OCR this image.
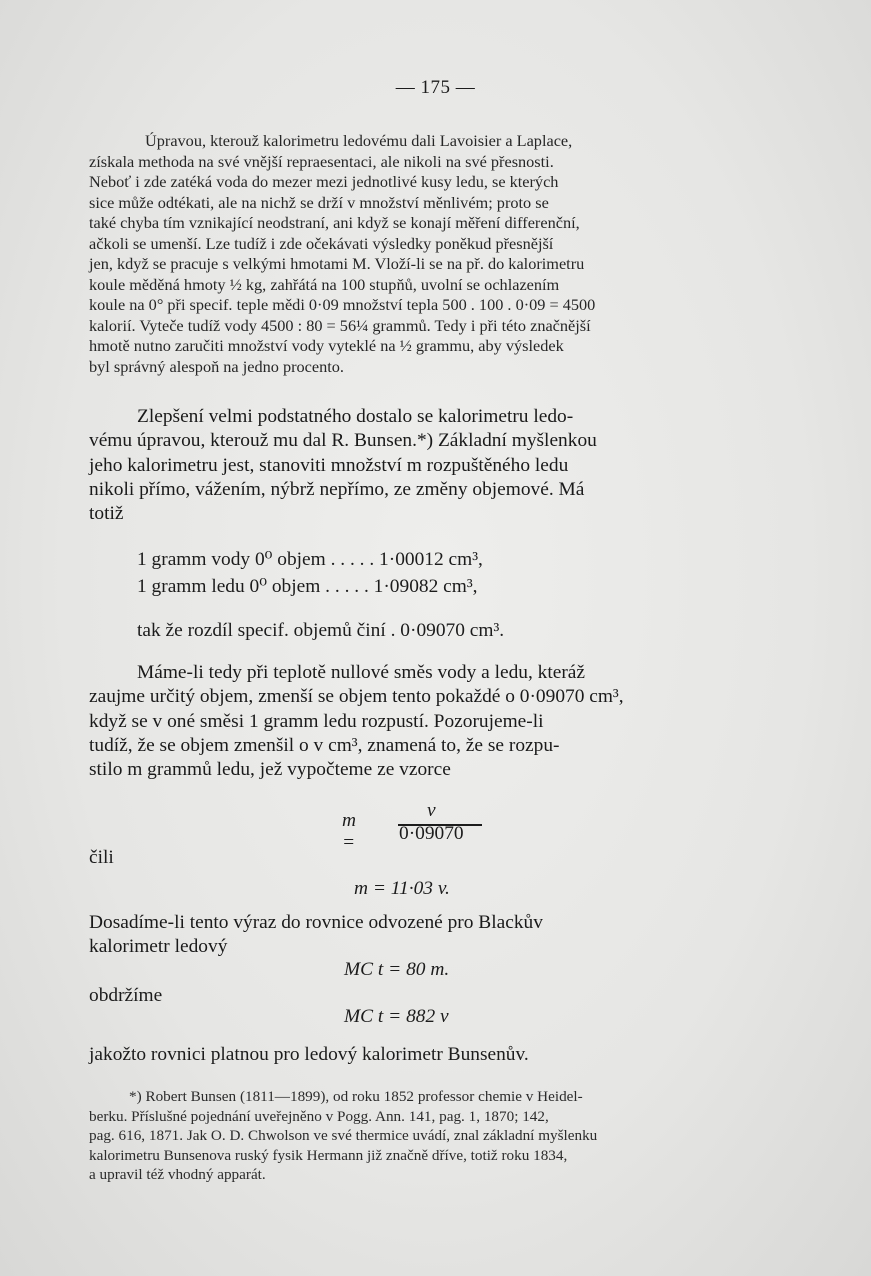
— 175 —
Úpravou, kterouž kalorimetru ledovému dali Lavoisier a Laplace,
získala methoda na své vnější repraesentaci, ale nikoli na své přesnosti.
Neboť i zde zatéká voda do mezer mezi jednotlivé kusy ledu, se kterých
sice může odtékati, ale na nichž se drží v množství měnlivém; proto se
také chyba tím vznikající neodstraní, ani když se konají měření differenční,
ačkoli se umenší. Lze tudíž i zde očekávati výsledky poněkud přesnější
jen, když se pracuje s velkými hmotami M. Vloží-li se na př. do kalorimetru
koule měděná hmoty ½ kg, zahřátá na 100 stupňů, uvolní se ochlazením
koule na 0° při specif. teple mědi 0·09 množství tepla 500 . 100 . 0·09 = 4500
kalorií. Vyteče tudíž vody 4500 : 80 = 56¼ grammů. Tedy i při této značnější
hmotě nutno zaručiti množství vody vyteklé na ½ grammu, aby výsledek
byl správný alespoň na jedno procento.
Zlepšení velmi podstatného dostalo se kalorimetru ledo-
vému úpravou, kterouž mu dal R. Bunsen.*) Základní myšlenkou
jeho kalorimetru jest, stanoviti množství m rozpuštěného ledu
nikoli přímo, vážením, nýbrž nepřímo, ze změny objemové. Má
totiž
1 gramm vody 0⁰ objem . . . . . 1·00012 cm³,
1 gramm ledu 0⁰ objem . . . . . 1·09082 cm³,
tak že rozdíl specif. objemů činí . 0·09070 cm³.
Máme-li tedy při teplotě nullové směs vody a ledu, kteráž
zaujme určitý objem, zmenší se objem tento pokaždé o 0·09070 cm³,
když se v oné směsi 1 gramm ledu rozpustí. Pozorujeme-li
tudíž, že se objem zmenšil o v cm³, znamená to, že se rozpu-
stilo m grammů ledu, jež vypočteme ze vzorce
m =
v
0·09070
čili
m = 11·03 v.
Dosadíme-li tento výraz do rovnice odvozené pro Blackův
kalorimetr ledový
MC t = 80 m.
obdržíme
MC t = 882 v
jakožto rovnici platnou pro ledový kalorimetr Bunsenův.
*) Robert Bunsen (1811—1899), od roku 1852 professor chemie v Heidel-
berku. Příslušné pojednání uveřejněno v Pogg. Ann. 141, pag. 1, 1870; 142,
pag. 616, 1871. Jak O. D. Chwolson ve své thermice uvádí, znal základní myšlenku
kalorimetru Bunsenova ruský fysik Hermann již značně dříve, totiž roku 1834,
a upravil též vhodný apparát.
